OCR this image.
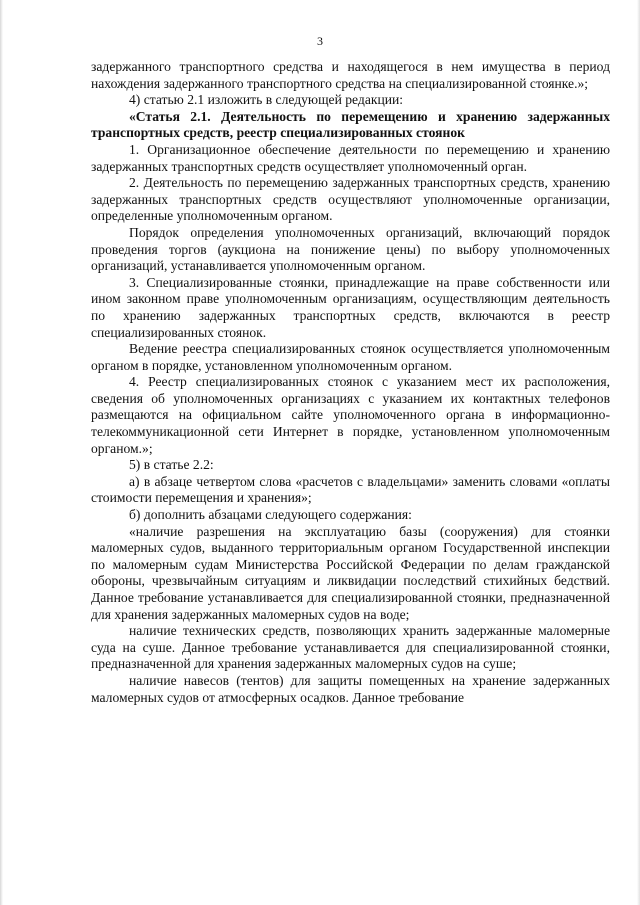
3

задержанного транспортного средства и находящегося в нем имущества в период нахождения задержанного транспортного средства на специализированной стоянке.»;

4) статью 2.1 изложить в следующей редакции:

«Статья 2.1. Деятельность по перемещению и хранению задержанных транспортных средств, реестр специализированных стоянок

1. Организационное обеспечение деятельности по перемещению и хранению задержанных транспортных средств осуществляет уполномоченный орган.

2. Деятельность по перемещению задержанных транспортных средств, хранению задержанных транспортных средств осуществляют уполномоченные организации, определенные уполномоченным органом.

Порядок определения уполномоченных организаций, включающий порядок проведения торгов (аукциона на понижение цены) по выбору уполномоченных организаций, устанавливается уполномоченным органом.

3. Специализированные стоянки, принадлежащие на праве собственности или ином законном праве уполномоченным организациям, осуществляющим деятельность по хранению задержанных транспортных средств, включаются в реестр специализированных стоянок.

Ведение реестра специализированных стоянок осуществляется уполномоченным органом в порядке, установленном уполномоченным органом.

4. Реестр специализированных стоянок с указанием мест их расположения, сведения об уполномоченных организациях с указанием их контактных телефонов размещаются на официальном сайте уполномоченного органа в информационно-телекоммуникационной сети Интернет в порядке, установленном уполномоченным органом.»;

5) в статье 2.2:

а) в абзаце четвертом слова «расчетов с владельцами» заменить словами «оплаты стоимости перемещения и хранения»;

б) дополнить абзацами следующего содержания:

«наличие разрешения на эксплуатацию базы (сооружения) для стоянки маломерных судов, выданного территориальным органом Государственной инспекции по маломерным судам Министерства Российской Федерации по делам гражданской обороны, чрезвычайным ситуациям и ликвидации последствий стихийных бедствий. Данное требование устанавливается для специализированной стоянки, предназначенной для хранения задержанных маломерных судов на воде;

наличие технических средств, позволяющих хранить задержанные маломерные суда на суше. Данное требование устанавливается для специализированной стоянки, предназначенной для хранения задержанных маломерных судов на суше;

наличие навесов (тентов) для защиты помещенных на хранение задержанных маломерных судов от атмосферных осадков. Данное требование
